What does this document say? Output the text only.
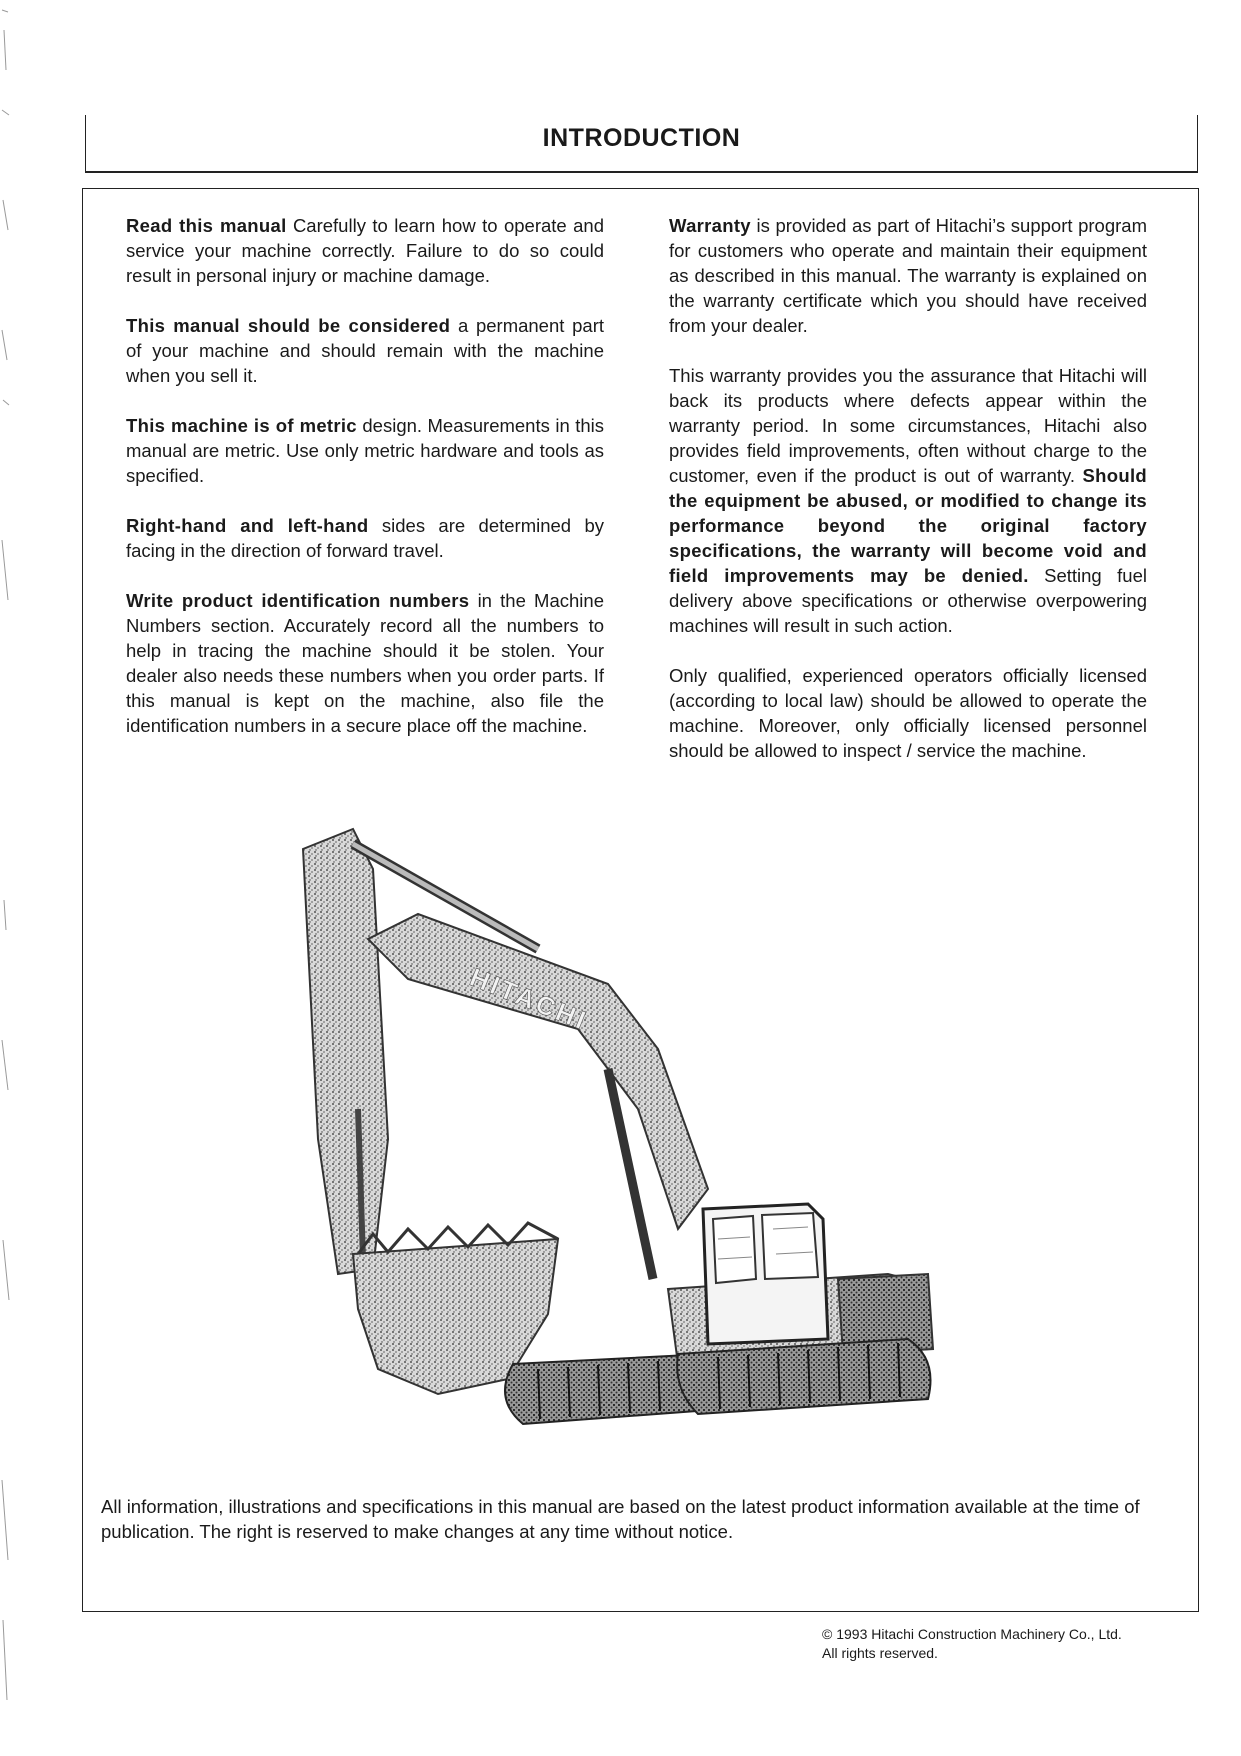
INTRODUCTION

Read this manual Carefully to learn how to operate and service your machine correctly. Failure to do so could result in personal injury or machine damage.

This manual should be considered a permanent part of your machine and should remain with the machine when you sell it.

This machine is of metric design. Measurements in this manual are metric. Use only metric hardware and tools as specified.

Right-hand and left-hand sides are determined by facing in the direction of forward travel.

Write product identification numbers in the Machine Numbers section. Accurately record all the numbers to help in tracing the machine should it be stolen. Your dealer also needs these numbers when you order parts. If this manual is kept on the machine, also file the identification numbers in a secure place off the machine.

Warranty is provided as part of Hitachi’s support program for customers who operate and maintain their equipment as described in this manual. The warranty is explained on the warranty certificate which you should have received from your dealer.

This warranty provides you the assurance that Hitachi will back its products where defects appear within the warranty period. In some circumstances, Hitachi also provides field improvements, often without charge to the customer, even if the product is out of warranty. Should the equipment be abused, or modified to change its performance beyond the original factory specifications, the warranty will become void and field improvements may be denied. Setting fuel delivery above specifications or otherwise overpowering machines will result in such action.

Only qualified, experienced operators officially licensed (according to local law) should be allowed to operate the machine. Moreover, only officially licensed personnel should be allowed to inspect / service the machine.

HITACHI

All information, illustrations and specifications in this manual are based on the latest product information available at the time of publication. The right is reserved to make changes at any time without notice.

© 1993 Hitachi Construction Machinery Co., Ltd.
All rights reserved.
